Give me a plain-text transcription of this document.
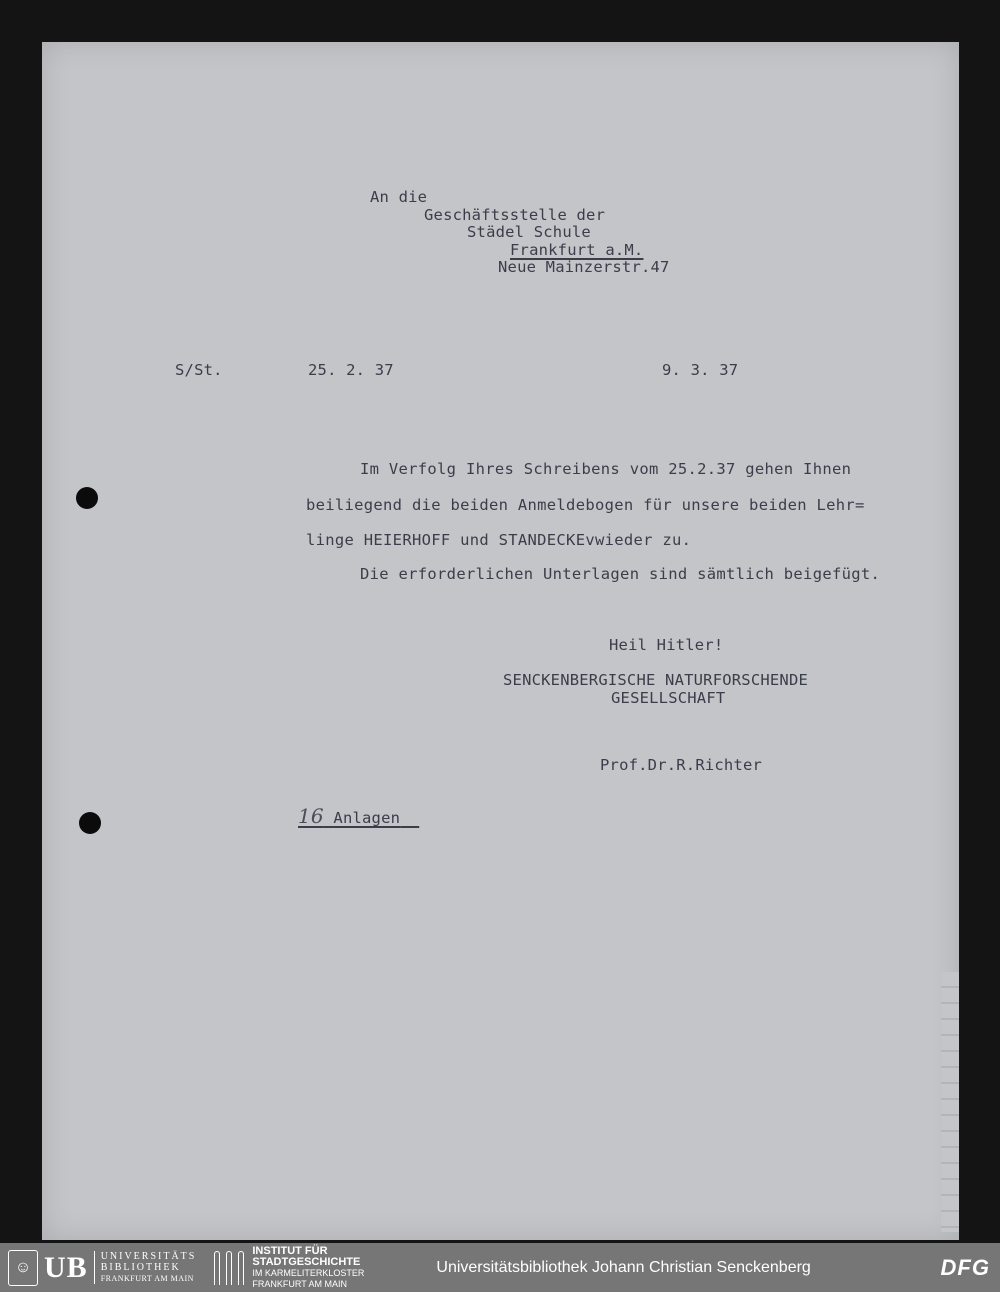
An die
Geschäftsstelle der
Städel Schule
Frankfurt a.M.
Neue Mainzerstr.47
S/St.	25. 2. 37	9. 3. 37
Im Verfolg Ihres Schreibens vom 25.2.37 gehen Ihnen
beiliegend die beiden Anmeldebogen für unsere beiden Lehr=
linge HEIERHOFF und STANDECKEvwieder zu.
Die erforderlichen Unterlagen sind sämtlich beigefügt.
Heil Hitler!
SENCKENBERGISCHE NATURFORSCHENDE
GESELLSCHAFT
Prof.Dr.R.Richter
16 Anlagen
☺ UB UNIVERSITÄTS
BIBLIOTHEK
FRANKFURT AM MAIN
INSTITUT FÜR
STADTGESCHICHTE
IM KARMELITERKLOSTER
FRANKFURT AM MAIN
Universitätsbibliothek Johann Christian Senckenberg	DFG
